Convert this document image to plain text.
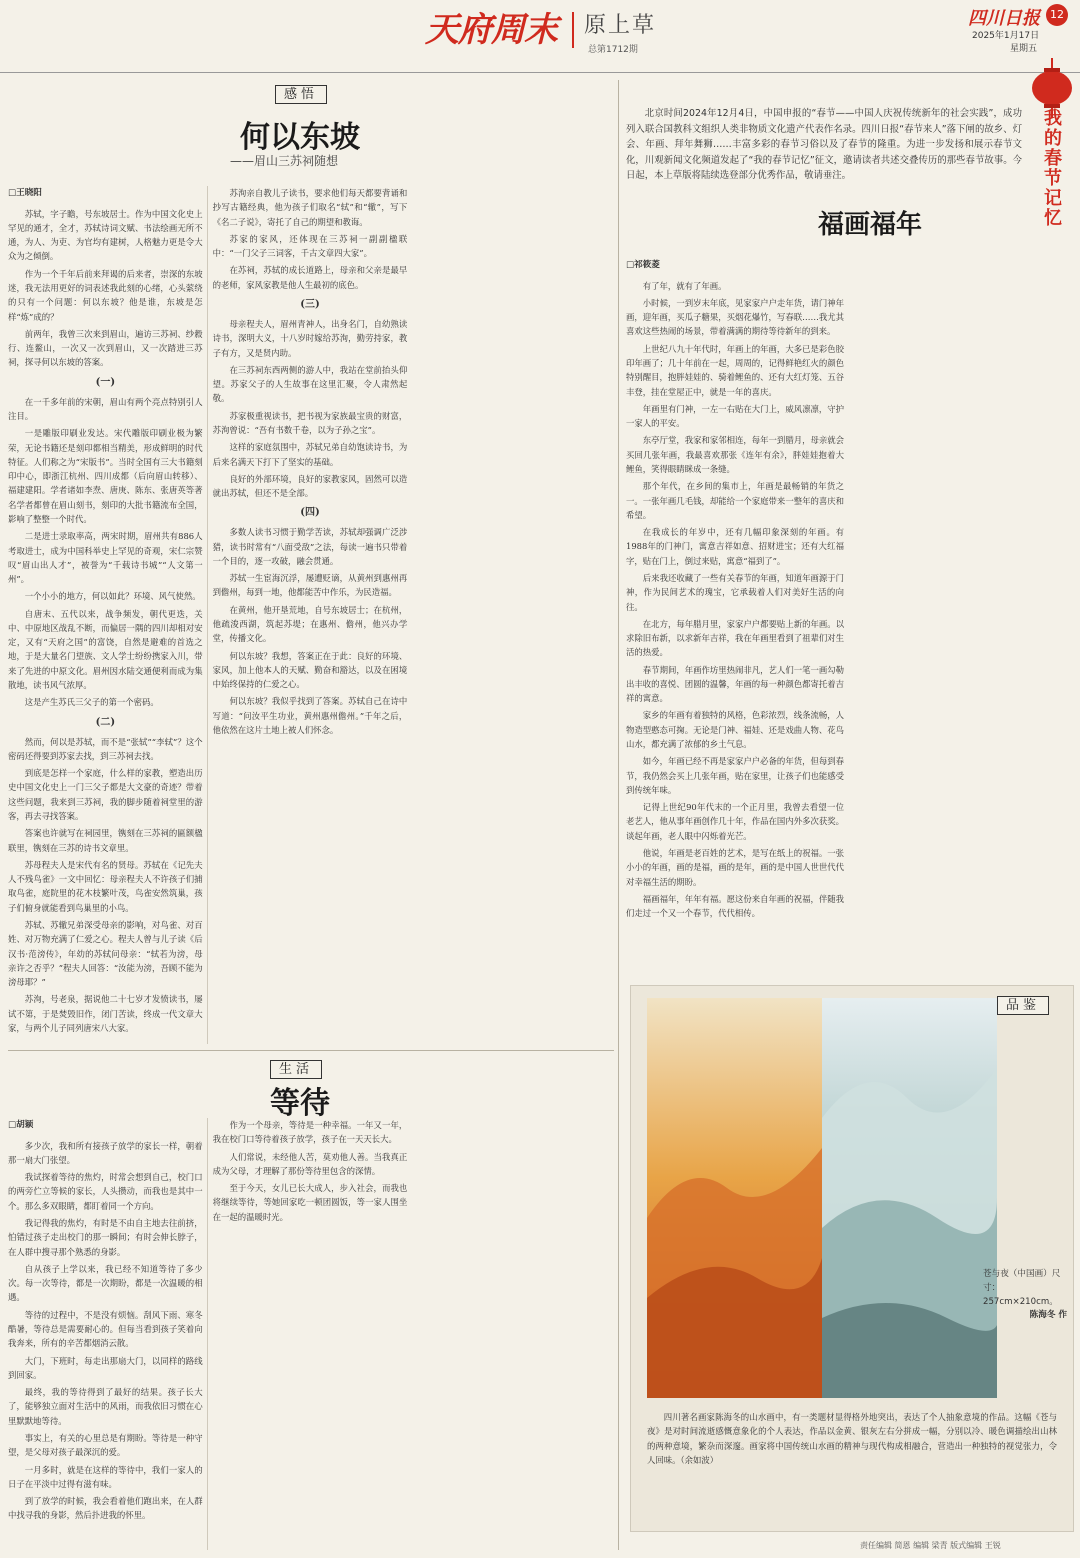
天府周末 原上草
总第1712期
四川日报 12
2025年1月17日
星期五
我的春节记忆
感悟
何以东坡
——眉山三苏祠随想

□王晓阳

苏轼，字子瞻，号东坡居士。作为中国文化史上罕见的通才，全才，苏轼诗词文赋、书法绘画无所不通，为人、为吏、为官均有建树，人格魅力更是令大众为之倾倒。

作为一个千年后前来拜谒的后来者，崇深的东坡迷，我无法用更好的词表述我此刻的心绪，心头萦绕的只有一个问题：何以东坡？他是谁，东坡是怎样“炼”成的？

前两年，我曾三次来到眉山，遍访三苏祠、纱縠行、连鳌山，一次又一次到眉山，又一次踏进三苏祠，探寻何以东坡的答案。

(一)

在一千多年前的宋朝，眉山有两个亮点特别引人注目。

一是雕版印刷业发达。宋代雕版印刷业极为繁荣，无论书籍还是刻印都相当精美，形成鲜明的时代特征。人们称之为“宋版书”。当时全国有三大书籍刻印中心，即浙江杭州、四川成都（后向眉山转移）、福建建阳。学者诸如李焘、唐庚、陈东、张唐英等著名学者都曾在眉山刻书，刻印的大批书籍流布全国，影响了整整一个时代。

二是进士录取率高，两宋时期，眉州共有886人考取进士，成为中国科举史上罕见的奇观，宋仁宗赞叹“眉山出人才”，被誉为“千载诗书城”“人文第一州”。

一个小小的地方，何以如此？环境、风气使然。

自唐末、五代以来，战争频发，朝代更迭，关中、中原地区战乱不断，而偏居一隅的四川却相对安定，又有“天府之国”的富饶，自然是避难的首选之地，于是大量名门望族、文人学士纷纷携家入川，带来了先进的中原文化。眉州因水陆交通便利而成为集散地，读书风气浓厚。

这是产生苏氏三父子的第一个密码。

(二)

然而，何以是苏轼，而不是“张轼”“李轼”？这个密码还得要到苏家去找，到三苏祠去找。

到底是怎样一个家庭，什么样的家教，塑造出历史中国文化史上一门三父子都是大文豪的奇迹？带着这些问题，我来到三苏祠，我的脚步随着祠堂里的游客，再去寻找答案。

答案也许就写在祠园里，镌刻在三苏祠的匾额楹联里，镌刻在三苏的诗书文章里。

苏母程夫人是宋代有名的贤母。苏轼在《记先夫人不残鸟雀》一文中回忆：母亲程夫人不许孩子们捕取鸟雀，庭院里的花木枝繁叶茂，鸟雀安然筑巢，孩子们俯身就能看到鸟巢里的小鸟。

苏轼、苏辙兄弟深受母亲的影响，对鸟雀、对百姓、对万物充满了仁爱之心。程夫人曾与儿子读《后汉书·范滂传》，年幼的苏轼问母亲：“轼若为滂，母亲许之否乎？”程夫人回答：“汝能为滂，吾顾不能为滂母耶？”

苏洵，号老泉，据说他二十七岁才发愤读书，屡试不第，于是焚毁旧作，闭门苦读，终成一代文章大家，与两个儿子同列唐宋八大家。

苏洵亲自教儿子读书，要求他们每天都要背诵和抄写古籍经典，他为孩子们取名“轼”和“辙”，写下《名二子说》，寄托了自己的期望和教诲。

苏家的家风，还体现在三苏祠一副副楹联中：“一门父子三词客，千古文章四大家”。

在苏祠，苏轼的成长道路上，母亲和父亲是最早的老师，家风家教是他人生最初的底色。

(三)

母亲程夫人，眉州青神人，出身名门，自幼熟读诗书，深明大义，十八岁时嫁给苏洵，勤劳持家，教子有方，又是贤内助。

在三苏祠东西两侧的游人中，我站在堂前抬头仰望。苏家父子的人生故事在这里汇聚，令人肃然起敬。

苏家极重视读书，把书视为家族最宝贵的财富，苏洵曾说：“吾有书数千卷，以为子孙之宝”。

这样的家庭氛围中，苏轼兄弟自幼饱读诗书，为后来名满天下打下了坚实的基础。

良好的外部环境，良好的家教家风，固然可以造就出苏轼，但还不是全部。

(四)

多数人读书习惯于勤学苦读，苏轼却强调广泛涉猎，读书时常有“八面受敌”之法，每读一遍书只带着一个目的，逐一攻破，融会贯通。

苏轼一生宦海沉浮，屡遭贬谪，从黄州到惠州再到儋州，每到一地，他都能苦中作乐，为民造福。

在黄州，他开垦荒地，自号东坡居士；在杭州，他疏浚西湖，筑起苏堤；在惠州、儋州，他兴办学堂，传播文化。

何以东坡？我想，答案正在于此：良好的环境、家风，加上他本人的天赋、勤奋和豁达，以及在困境中始终保持的仁爱之心。

何以东坡？我似乎找到了答案。苏轼自己在诗中写道：“问汝平生功业，黄州惠州儋州。”千年之后，他依然在这片土地上被人们怀念。

生活
等待

□胡颖

多少次，我和所有接孩子放学的家长一样，朝着那一扇大门张望。

我试探着等待的焦灼，时常会想到自己，校门口的两旁伫立等候的家长，人头攒动，而我也是其中一个。那么多双眼睛，都盯着同一个方向。

我记得我的焦灼，有时是不由自主地去往前挤，怕错过孩子走出校门的那一瞬间；有时会伸长脖子，在人群中搜寻那个熟悉的身影。

自从孩子上学以来，我已经不知道等待了多少次。每一次等待，都是一次期盼，都是一次温暖的相遇。

等待的过程中，不是没有烦恼。刮风下雨、寒冬酷暑，等待总是需要耐心的。但每当看到孩子笑着向我奔来，所有的辛苦都烟消云散。

大门，下班时，每走出那扇大门，以同样的路线到回家。

最终，我的等待得到了最好的结果。孩子长大了，能够独立面对生活中的风雨，而我依旧习惯在心里默默地等待。

事实上，有关的心里总是有期盼。等待是一种守望，是父母对孩子最深沉的爱。

一月多时，就是在这样的等待中，我们一家人的日子在平淡中过得有滋有味。

到了放学的时候，我会看着他们跑出来，在人群中找寻我的身影，然后扑进我的怀里。

作为一个母亲，等待是一种幸福。一年又一年，我在校门口等待着孩子放学，孩子在一天天长大。

人们常说，未经他人苦，莫劝他人善。当我真正成为父母，才理解了那份等待里包含的深情。

至于今天，女儿已长大成人，步入社会，而我也将继续等待，等她回家吃一顿团圆饭，等一家人围坐在一起的温暖时光。

北京时间2024年12月4日，中国申报的“春节——中国人庆祝传统新年的社会实践”，成功列入联合国教科文组织人类非物质文化遗产代表作名录。四川日报“春节来人”落下闸的故乡、灯会、年画、拜年舞狮……丰富多彩的春节习俗以及了春节的隆重。为进一步发扬和展示春节文化，川观新闻文化频道发起了“我的春节记忆”征文，邀请读者共述交叠传历的那些春节故事。今日起，本上草版将陆续选登部分优秀作品，敬请垂注。
福画福年

□祁筱菱

有了年，就有了年画。

小时候，一到岁末年底，见家家户户走年货，请门神年画，迎年画，买瓜子糖果，买烟花爆竹，写春联……我尤其喜欢这些热闹的场景，带着满满的期待等待新年的到来。

上世纪八九十年代时，年画上的年画，大多已是彩色胶印年画了；几十年前在一起，周周的，记得鲜艳红火的颜色特别醒目，抱胖娃娃的、骑着鲤鱼的、还有大红灯笼、五谷丰登，挂在堂屋正中，就是一年的喜庆。

年画里有门神，一左一右贴在大门上，威风凛凛，守护一家人的平安。

东亭厅堂，我家和家邻相连，每年一到腊月，母亲就会买回几张年画，我最喜欢那张《连年有余》，胖娃娃抱着大鲤鱼，笑得眼睛眯成一条缝。

那个年代，在乡间的集市上，年画是最畅销的年货之一。一张年画几毛钱，却能给一个家庭带来一整年的喜庆和希望。

在我成长的年岁中，还有几幅印象深刻的年画。有1988年的门神门，寓意吉祥如意、招财进宝；还有大红福字，贴在门上，倒过来贴，寓意“福到了”。

后来我还收藏了一些有关春节的年画，知道年画源于门神，作为民间艺术的瑰宝，它承载着人们对美好生活的向往。

在北方，每年腊月里，家家户户都要贴上新的年画。以求除旧布新，以求新年吉祥，我在年画里看到了祖辈们对生活的热爱。

春节期间，年画作坊里热闹非凡，艺人们一笔一画勾勒出丰收的喜悦、团圆的温馨，年画的每一种颜色都寄托着吉祥的寓意。

家乡的年画有着独特的风格，色彩浓烈，线条流畅，人物造型憨态可掬。无论是门神、福娃、还是戏曲人物、花鸟山水，都充满了浓郁的乡土气息。

如今，年画已经不再是家家户户必备的年货，但每到春节，我仍然会买上几张年画，贴在家里，让孩子们也能感受到传统年味。

记得上世纪90年代末的一个正月里，我曾去看望一位老艺人，他从事年画创作几十年，作品在国内外多次获奖。谈起年画，老人眼中闪烁着光芒。

他说，年画是老百姓的艺术，是写在纸上的祝福。一张小小的年画，画的是福，画的是年，画的是中国人世世代代对幸福生活的期盼。

福画福年，年年有福。愿这份来自年画的祝福，伴随我们走过一个又一个春节，代代相传。

品鉴
苍与夜（中国画）尺寸：
257cm×210cm。
陈海冬 作
四川著名画家陈海冬的山水画中，有一类题材显得格外地突出，表达了个人抽象意境的作品。这幅《苍与夜》是对时间流逝感慨意象化的个人表达，作品以金黄、银灰左右分拼成一幅，分别以冷、暖色调描绘出山林的两种意境，繁杂而深邃。画家将中国传统山水画的精神与现代构成相融合，营造出一种独特的视觉张力，令人回味。（余如波）
责任编辑 简恩 编辑 梁青 版式编辑 王锐
